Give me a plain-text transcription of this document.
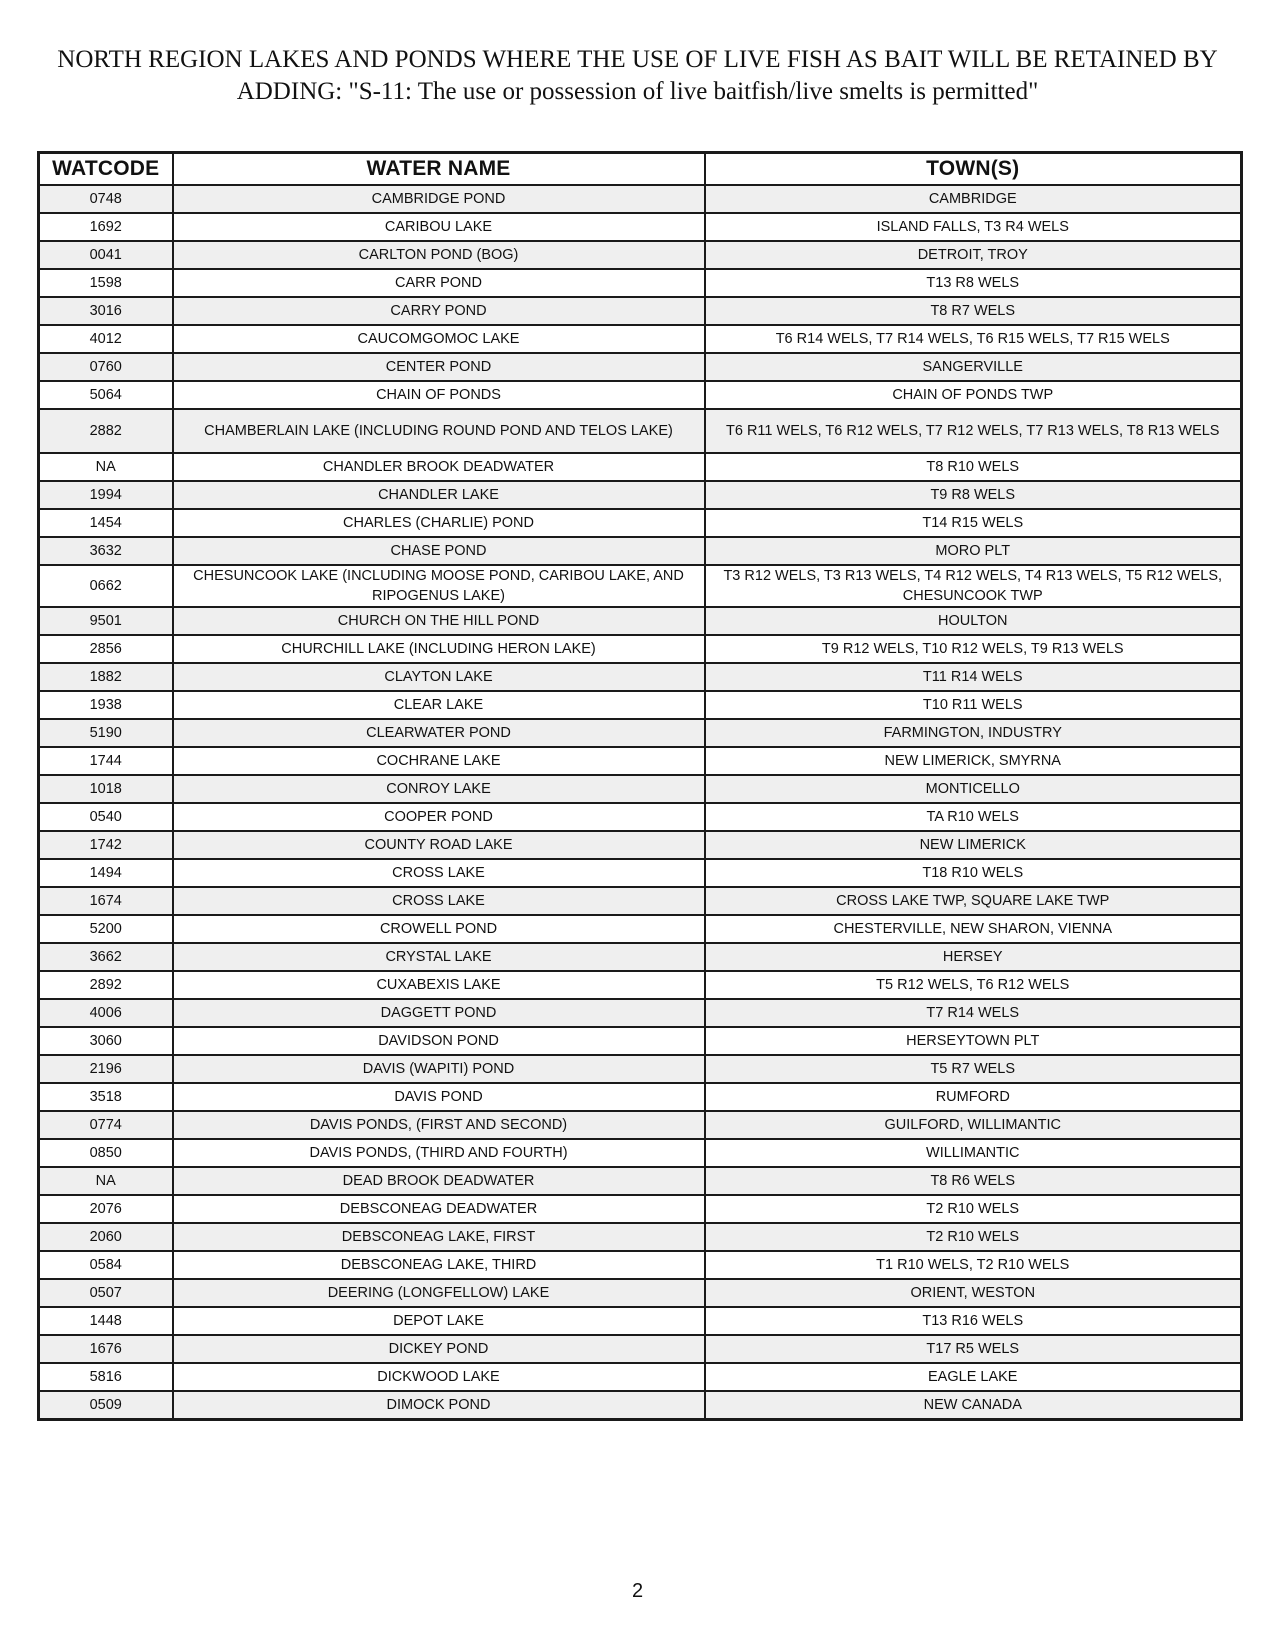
NORTH REGION LAKES AND PONDS WHERE THE USE OF LIVE FISH AS BAIT WILL BE RETAINED BY
ADDING: "S-11: The use or possession of live baitfish/live smelts is permitted"
WATCODE	WATER NAME	TOWN(S)
0748	CAMBRIDGE POND	CAMBRIDGE
1692	CARIBOU LAKE	ISLAND FALLS, T3 R4 WELS
0041	CARLTON POND (BOG)	DETROIT, TROY
1598	CARR POND	T13 R8 WELS
3016	CARRY POND	T8 R7 WELS
4012	CAUCOMGOMOC LAKE	T6 R14 WELS, T7 R14 WELS, T6 R15 WELS, T7 R15 WELS
0760	CENTER POND	SANGERVILLE
5064	CHAIN OF PONDS	CHAIN OF PONDS TWP
2882	CHAMBERLAIN LAKE (INCLUDING ROUND POND AND TELOS LAKE)	T6 R11 WELS, T6 R12 WELS, T7 R12 WELS, T7 R13 WELS, T8 R13 WELS
NA	CHANDLER BROOK DEADWATER	T8 R10 WELS
1994	CHANDLER LAKE	T9 R8 WELS
1454	CHARLES (CHARLIE) POND	T14 R15 WELS
3632	CHASE POND	MORO PLT
0662	CHESUNCOOK LAKE (INCLUDING MOOSE POND, CARIBOU LAKE, AND RIPOGENUS LAKE)	T3 R12 WELS, T3 R13 WELS, T4 R12 WELS, T4 R13 WELS, T5 R12 WELS, CHESUNCOOK TWP
9501	CHURCH ON THE HILL POND	HOULTON
2856	CHURCHILL LAKE (INCLUDING HERON LAKE)	T9 R12 WELS, T10 R12 WELS, T9 R13 WELS
1882	CLAYTON LAKE	T11 R14 WELS
1938	CLEAR LAKE	T10 R11 WELS
5190	CLEARWATER POND	FARMINGTON, INDUSTRY
1744	COCHRANE LAKE	NEW LIMERICK, SMYRNA
1018	CONROY LAKE	MONTICELLO
0540	COOPER POND	TA R10 WELS
1742	COUNTY ROAD LAKE	NEW LIMERICK
1494	CROSS LAKE	T18 R10 WELS
1674	CROSS LAKE	CROSS LAKE TWP, SQUARE LAKE TWP
5200	CROWELL POND	CHESTERVILLE, NEW SHARON, VIENNA
3662	CRYSTAL LAKE	HERSEY
2892	CUXABEXIS LAKE	T5 R12 WELS, T6 R12 WELS
4006	DAGGETT POND	T7 R14 WELS
3060	DAVIDSON POND	HERSEYTOWN PLT
2196	DAVIS (WAPITI) POND	T5 R7 WELS
3518	DAVIS POND	RUMFORD
0774	DAVIS PONDS, (FIRST AND SECOND)	GUILFORD, WILLIMANTIC
0850	DAVIS PONDS, (THIRD AND FOURTH)	WILLIMANTIC
NA	DEAD BROOK DEADWATER	T8 R6 WELS
2076	DEBSCONEAG DEADWATER	T2 R10 WELS
2060	DEBSCONEAG LAKE, FIRST	T2 R10 WELS
0584	DEBSCONEAG LAKE, THIRD	T1 R10 WELS, T2 R10 WELS
0507	DEERING (LONGFELLOW) LAKE	ORIENT, WESTON
1448	DEPOT LAKE	T13 R16 WELS
1676	DICKEY POND	T17 R5 WELS
5816	DICKWOOD LAKE	EAGLE LAKE
0509	DIMOCK POND	NEW CANADA
2
